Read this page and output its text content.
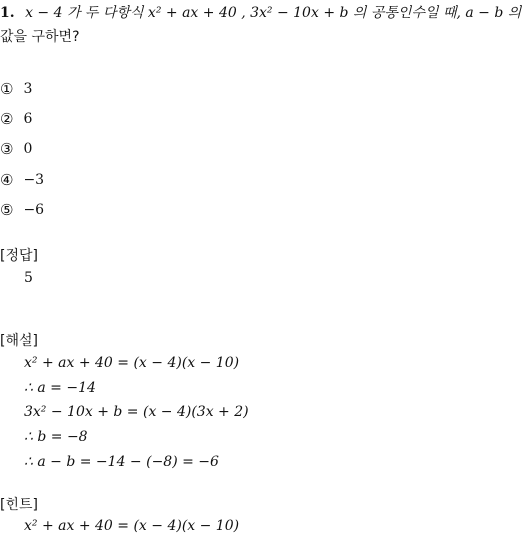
1. x − 4 가 두 다항식 x² + ax + 40 , 3x² − 10x + b 의 공통인수일 때, a − b 의
값을 구하면?
① 3
② 6
③ 0
④ −3
⑤ −6
[정답]
5
[해설]
x² + ax + 40 = (x − 4)(x − 10)
∴ a = −14
3x² − 10x + b = (x − 4)(3x + 2)
∴ b = −8
∴ a − b = −14 − (−8) = −6
[힌트]
x² + ax + 40 = (x − 4)(x − 10)
